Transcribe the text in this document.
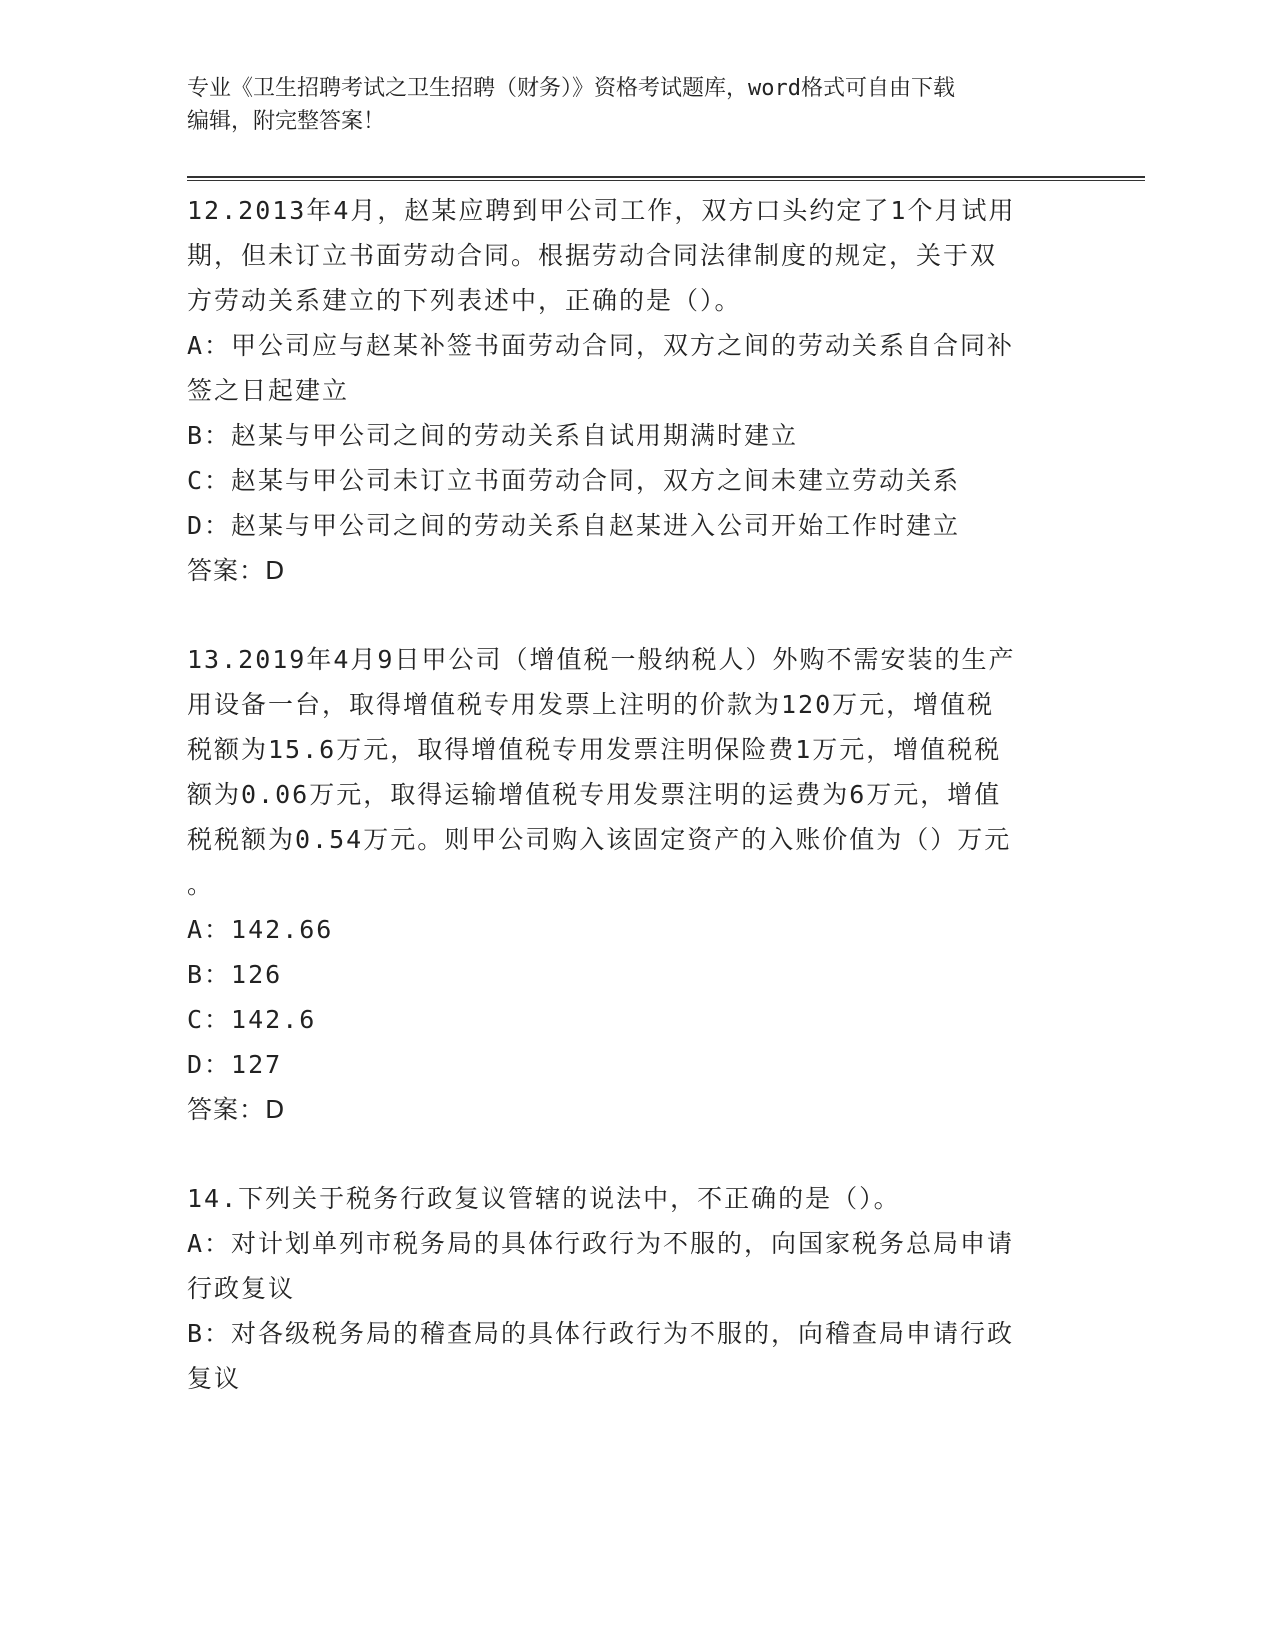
专业《卫生招聘考试之卫生招聘（财务）》资格考试题库，word格式可自由下载
编辑，附完整答案！
12.2013年4月，赵某应聘到甲公司工作，双方口头约定了1个月试用
期，但未订立书面劳动合同。根据劳动合同法律制度的规定，关于双
方劳动关系建立的下列表述中，正确的是（）。
A：甲公司应与赵某补签书面劳动合同，双方之间的劳动关系自合同补
签之日起建立
B：赵某与甲公司之间的劳动关系自试用期满时建立
C：赵某与甲公司未订立书面劳动合同，双方之间未建立劳动关系
D：赵某与甲公司之间的劳动关系自赵某进入公司开始工作时建立
答案：D
13.2019年4月9日甲公司（增值税一般纳税人）外购不需安装的生产
用设备一台，取得增值税专用发票上注明的价款为120万元，增值税
税额为15.6万元，取得增值税专用发票注明保险费1万元，增值税税
额为0.06万元，取得运输增值税专用发票注明的运费为6万元，增值
税税额为0.54万元。则甲公司购入该固定资产的入账价值为（）万元
。
A：142.66
B：126
C：142.6
D：127
答案：D
14.下列关于税务行政复议管辖的说法中，不正确的是（）。
A：对计划单列市税务局的具体行政行为不服的，向国家税务总局申请
行政复议
B：对各级税务局的稽查局的具体行政行为不服的，向稽查局申请行政
复议
